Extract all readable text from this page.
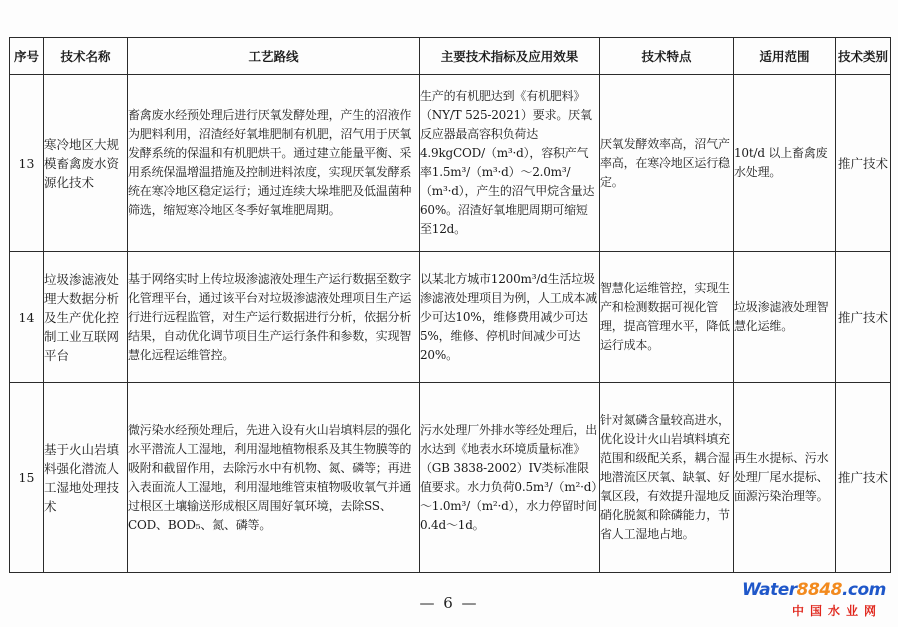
序号	技术名称	工艺路线	主要技术指标及应用效果	技术特点	适用范围	技术类别
13	寒冷地区大规模畜禽废水资源化技术	畜禽废水经预处理后进行厌氧发酵处理，产生的沼液作为肥料利用，沼渣经好氧堆肥制有机肥，沼气用于厌氧发酵系统的保温和有机肥烘干。通过建立能量平衡、采用系统保温增温措施及控制进料浓度，实现厌氧发酵系统在寒冷地区稳定运行；通过连续大垛堆肥及低温菌种筛选，缩短寒冷地区冬季好氧堆肥周期。	生产的有机肥达到《有机肥料》（NY/T 525-2021）要求。厌氧反应器最高容积负荷达4.9kgCOD/（m³·d），容积产气率1.5m³/（m³·d）～2.0m³/（m³·d），产生的沼气甲烷含量达60%。沼渣好氧堆肥周期可缩短至12d。	厌氧发酵效率高，沼气产率高，在寒冷地区运行稳定。	10t/d 以上畜禽废水处理。	推广技术
14	垃圾渗滤液处理大数据分析及生产优化控制工业互联网平台	基于网络实时上传垃圾渗滤液处理生产运行数据至数字化管理平台，通过该平台对垃圾渗滤液处理项目生产运行进行远程监管，对生产运行数据进行分析，依据分析结果，自动优化调节项目生产运行条件和参数，实现智慧化远程运维管控。	以某北方城市1200m³/d生活垃圾渗滤液处理项目为例，人工成本减少可达10%，维修费用减少可达5%，维修、停机时间减少可达20%。	智慧化运维管控，实现生产和检测数据可视化管理，提高管理水平，降低运行成本。	垃圾渗滤液处理智慧化运维。	推广技术
15	基于火山岩填料强化潜流人工湿地处理技术	微污染水经预处理后，先进入设有火山岩填料层的强化水平潜流人工湿地，利用湿地植物根系及其生物膜等的吸附和截留作用，去除污水中有机物、氮、磷等；再进入表面流人工湿地，利用湿地维管束植物吸收氧气并通过根区土壤输送形成根区周围好氧环境，去除SS、COD、BOD₅、氮、磷等。	污水处理厂外排水等经处理后，出水达到《地表水环境质量标准》（GB 3838-2002）IV类标准限值要求。水力负荷0.5m³/（m²·d）～1.0m³/（m²·d），水力停留时间0.4d～1d。	针对氮磷含量较高进水，优化设计火山岩填料填充范围和级配关系，耦合湿地潜流区厌氧、缺氧、好氧区段，有效提升湿地反硝化脱氮和除磷能力，节省人工湿地占地。	再生水提标、污水处理厂尾水提标、面源污染治理等。	推广技术
— 6 —
Water8848.com
中国水业网
